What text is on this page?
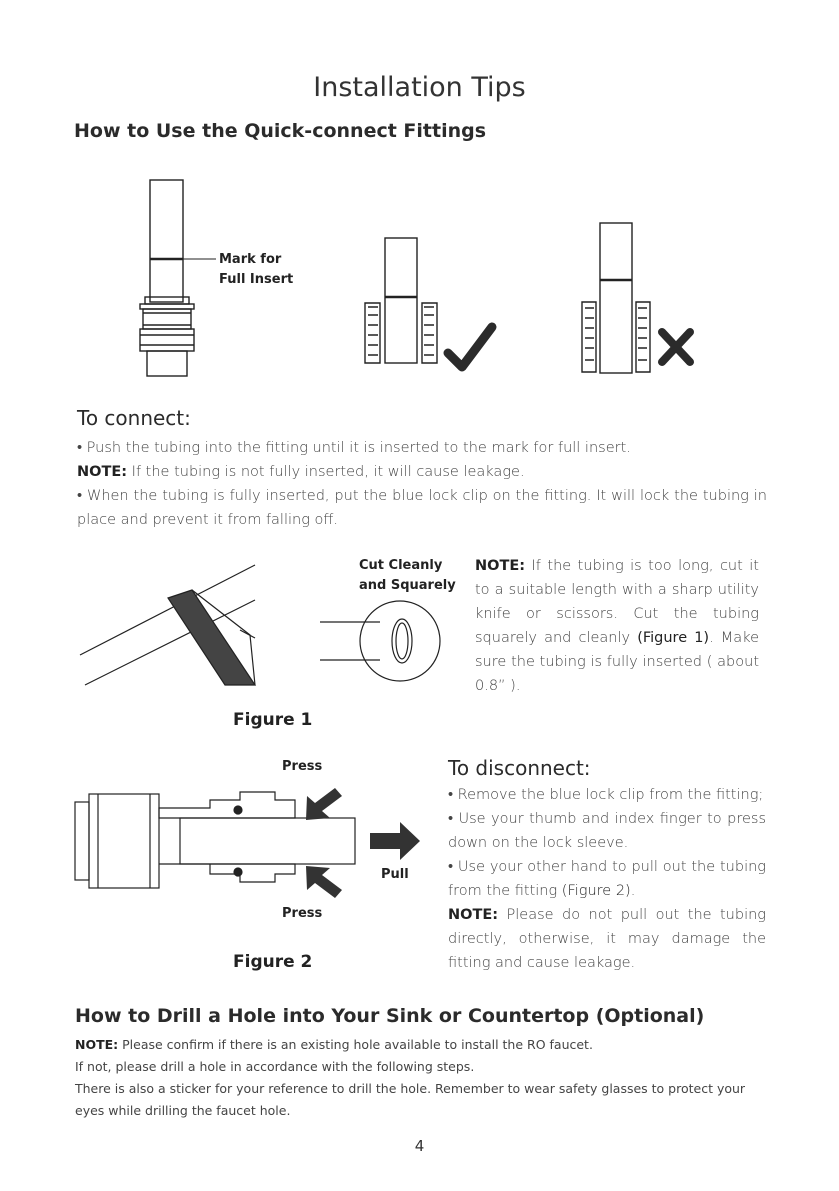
Installation Tips
How to Use the Quick-connect Fittings
Mark for
Full Insert
To connect:
• Push the tubing into the fitting until it is inserted to the mark for full insert.
NOTE: If the tubing is not fully inserted, it will cause leakage.
• When the tubing is fully inserted, put the blue lock clip on the fitting. It will lock the tubing in place and prevent it from falling off.
Cut Cleanly
and Squarely
Figure 1
NOTE: If the tubing is too long, cut it to a suitable length with a sharp utility knife or scissors. Cut the tubing squarely and cleanly (Figure 1). Make sure the tubing is fully inserted ( about 0.8” ).
Press
Press
Pull
Figure 2
To disconnect:
• Remove the blue lock clip from the fitting;
• Use your thumb and index finger to press down on the lock sleeve.
• Use your other hand to pull out the tubing from the fitting (Figure 2).
NOTE: Please do not pull out the tubing directly, otherwise, it may damage the fitting and cause leakage.
How to Drill a Hole into Your Sink or Countertop (Optional)
NOTE: Please confirm if there is an existing hole available to install the RO faucet.
If not, please drill a hole in accordance with the following steps.
There is also a sticker for your reference to drill the hole. Remember to wear safety glasses to protect your eyes while drilling the faucet hole.
4
